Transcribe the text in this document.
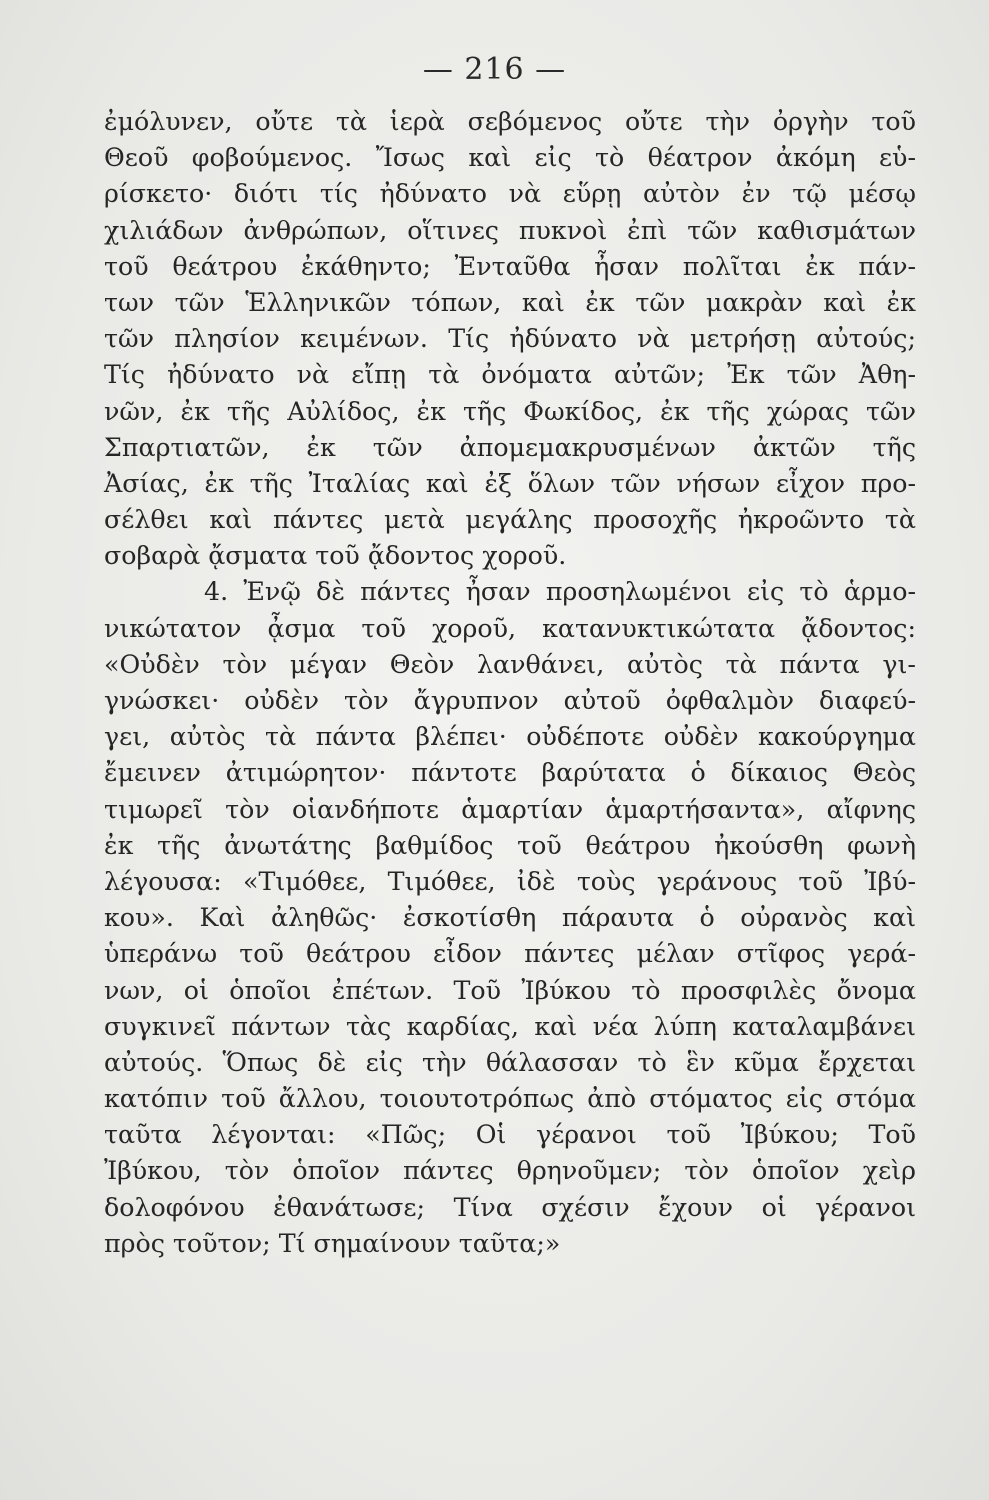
— 216 —
ἐμόλυνεν, οὔτε τὰ ἱερὰ σεβόμενος οὔτε τὴν ὀργὴν τοῦ
Θεοῦ φοβούμενος. Ἴσως καὶ εἰς τὸ θέατρον ἀκόμη εὑ-
ρίσκετο· διότι τίς ἠδύνατο νὰ εὕρῃ αὐτὸν ἐν τῷ μέσῳ
χιλιάδων ἀνθρώπων, οἵτινες πυκνοὶ ἐπὶ τῶν καθισμάτων
τοῦ θεάτρου ἐκάθηντο; Ἐνταῦθα ἦσαν πολῖται ἐκ πάν-
των τῶν Ἑλληνικῶν τόπων, καὶ ἐκ τῶν μακρὰν καὶ ἐκ
τῶν πλησίον κειμένων. Τίς ἠδύνατο νὰ μετρήσῃ αὐτούς;
Τίς ἠδύνατο νὰ εἴπῃ τὰ ὀνόματα αὐτῶν; Ἐκ τῶν Ἀθη-
νῶν, ἐκ τῆς Αὐλίδος, ἐκ τῆς Φωκίδος, ἐκ τῆς χώρας τῶν
Σπαρτιατῶν, ἐκ τῶν ἀπομεμακρυσμένων ἀκτῶν τῆς
Ἀσίας, ἐκ τῆς Ἰταλίας καὶ ἐξ ὅλων τῶν νήσων εἶχον προ-
σέλθει καὶ πάντες μετὰ μεγάλης προσοχῆς ἠκροῶντο τὰ
σοβαρὰ ᾄσματα τοῦ ᾄδοντος χοροῦ.
4. Ἐνῷ δὲ πάντες ἦσαν προσηλωμένοι εἰς τὸ ἁρμο-
νικώτατον ᾆσμα τοῦ χοροῦ, κατανυκτικώτατα ᾄδοντος:
«Οὐδὲν τὸν μέγαν Θεὸν λανθάνει, αὐτὸς τὰ πάντα γι-
γνώσκει· οὐδὲν τὸν ἄγρυπνον αὐτοῦ ὀφθαλμὸν διαφεύ-
γει, αὐτὸς τὰ πάντα βλέπει· οὐδέποτε οὐδὲν κακούργημα
ἔμεινεν ἀτιμώρητον· πάντοτε βαρύτατα ὁ δίκαιος Θεὸς
τιμωρεῖ τὸν οἱανδήποτε ἁμαρτίαν ἁμαρτήσαντα», αἴφνης
ἐκ τῆς ἀνωτάτης βαθμίδος τοῦ θεάτρου ἠκούσθη φωνὴ
λέγουσα: «Τιμόθεε, Τιμόθεε, ἰδὲ τοὺς γεράνους τοῦ Ἰβύ-
κου». Καὶ ἀληθῶς· ἐσκοτίσθη πάραυτα ὁ οὐρανὸς καὶ
ὑπεράνω τοῦ θεάτρου εἶδον πάντες μέλαν στῖφος γερά-
νων, οἱ ὁποῖοι ἐπέτων. Τοῦ Ἰβύκου τὸ προσφιλὲς ὄνομα
συγκινεῖ πάντων τὰς καρδίας, καὶ νέα λύπη καταλαμβάνει
αὐτούς. Ὅπως δὲ εἰς τὴν θάλασσαν τὸ ἓν κῦμα ἔρχεται
κατόπιν τοῦ ἄλλου, τοιουτοτρόπως ἀπὸ στόματος εἰς στόμα
ταῦτα λέγονται: «Πῶς; Οἱ γέρανοι τοῦ Ἰβύκου; Τοῦ
Ἰβύκου, τὸν ὁποῖον πάντες θρηνοῦμεν; τὸν ὁποῖον χεὶρ
δολοφόνου ἐθανάτωσε; Τίνα σχέσιν ἔχουν οἱ γέρανοι
πρὸς τοῦτον; Τί σημαίνουν ταῦτα;»
